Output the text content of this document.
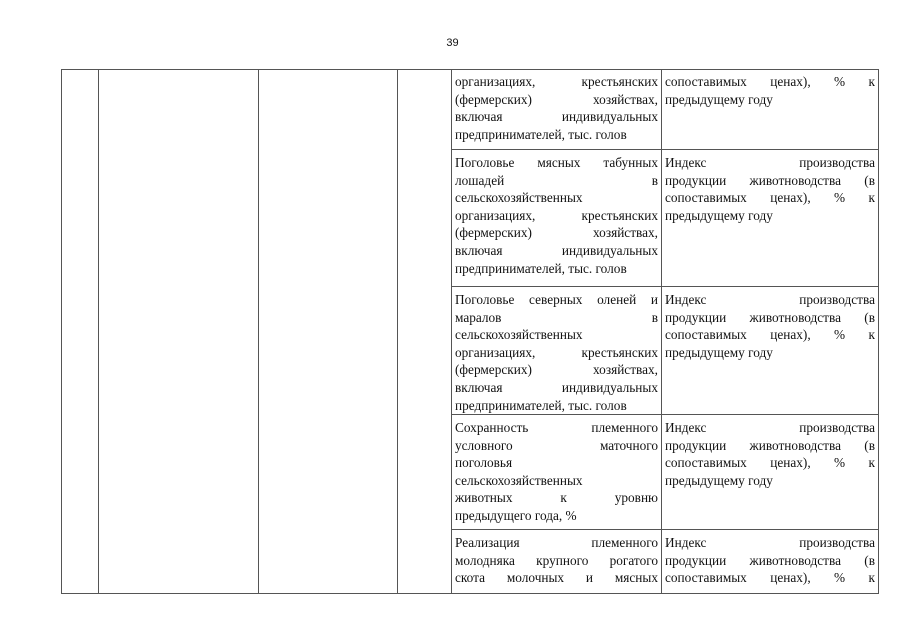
39
организациях, крестьянских
(фермерских) хозяйствах,
включая индивидуальных
предпринимателей, тыс. голов
сопоставимых ценах), % к
предыдущему году
Поголовье мясных табунных
лошадей в
сельскохозяйственных
организациях, крестьянских
(фермерских) хозяйствах,
включая индивидуальных
предпринимателей, тыс. голов
Индекс производства
продукции животноводства (в
сопоставимых ценах), % к
предыдущему году
Поголовье северных оленей и
маралов в
сельскохозяйственных
организациях, крестьянских
(фермерских) хозяйствах,
включая индивидуальных
предпринимателей, тыс. голов
Индекс производства
продукции животноводства (в
сопоставимых ценах), % к
предыдущему году
Сохранность племенного
условного маточного
поголовья
сельскохозяйственных
животных к уровню
предыдущего года, %
Индекс производства
продукции животноводства (в
сопоставимых ценах), % к
предыдущему году
Реализация племенного
молодняка крупного рогатого
скота молочных и мясных
Индекс производства
продукции животноводства (в
сопоставимых ценах), % к
